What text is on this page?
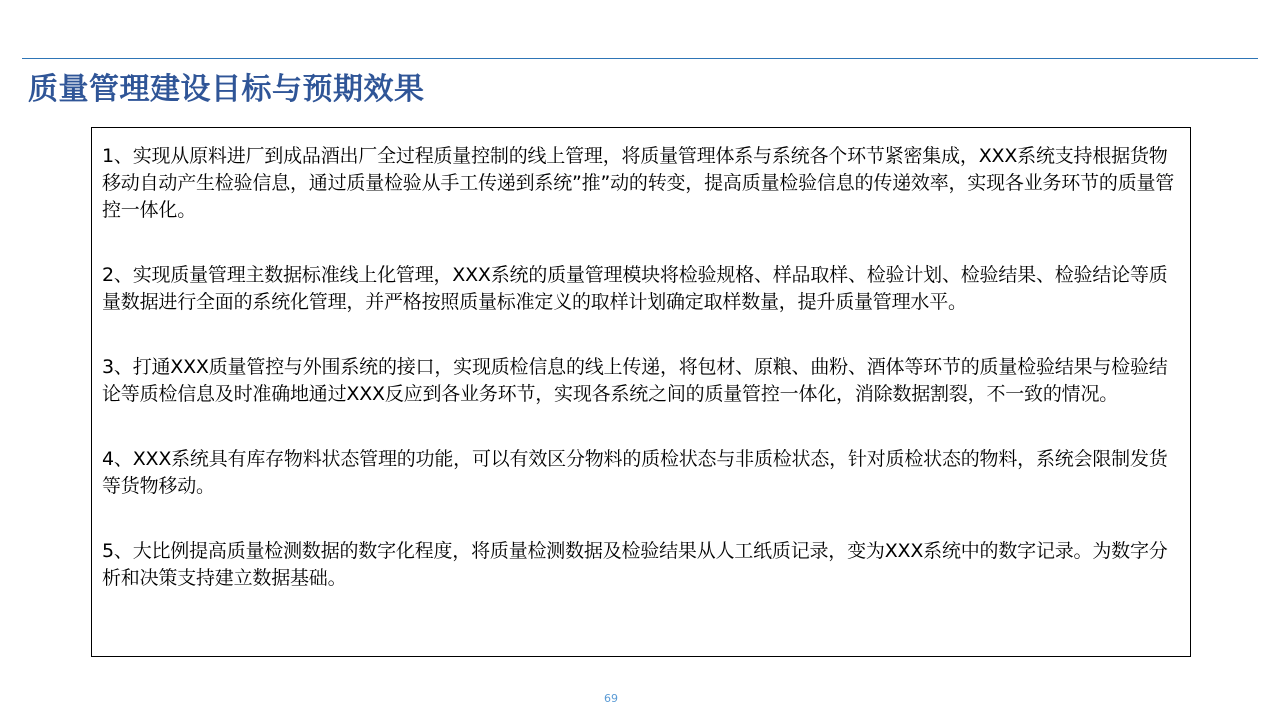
质量管理建设目标与预期效果

1、实现从原料进厂到成品酒出厂全过程质量控制的线上管理，将质量管理体系与系统各个环节紧密集成，XXX系统支持根据货物移动自动产生检验信息，通过质量检验从手工传递到系统”推”动的转变，提高质量检验信息的传递效率，实现各业务环节的质量管控一体化。

2、实现质量管理主数据标准线上化管理，XXX系统的质量管理模块将检验规格、样品取样、检验计划、检验结果、检验结论等质量数据进行全面的系统化管理，并严格按照质量标准定义的取样计划确定取样数量，提升质量管理水平。

3、打通XXX质量管控与外围系统的接口，实现质检信息的线上传递，将包材、原粮、曲粉、酒体等环节的质量检验结果与检验结论等质检信息及时准确地通过XXX反应到各业务环节，实现各系统之间的质量管控一体化，消除数据割裂，不一致的情况。

4、XXX系统具有库存物料状态管理的功能，可以有效区分物料的质检状态与非质检状态，针对质检状态的物料，系统会限制发货等货物移动。

5、大比例提高质量检测数据的数字化程度，将质量检测数据及检验结果从人工纸质记录，变为XXX系统中的数字记录。为数字分析和决策支持建立数据基础。

69
